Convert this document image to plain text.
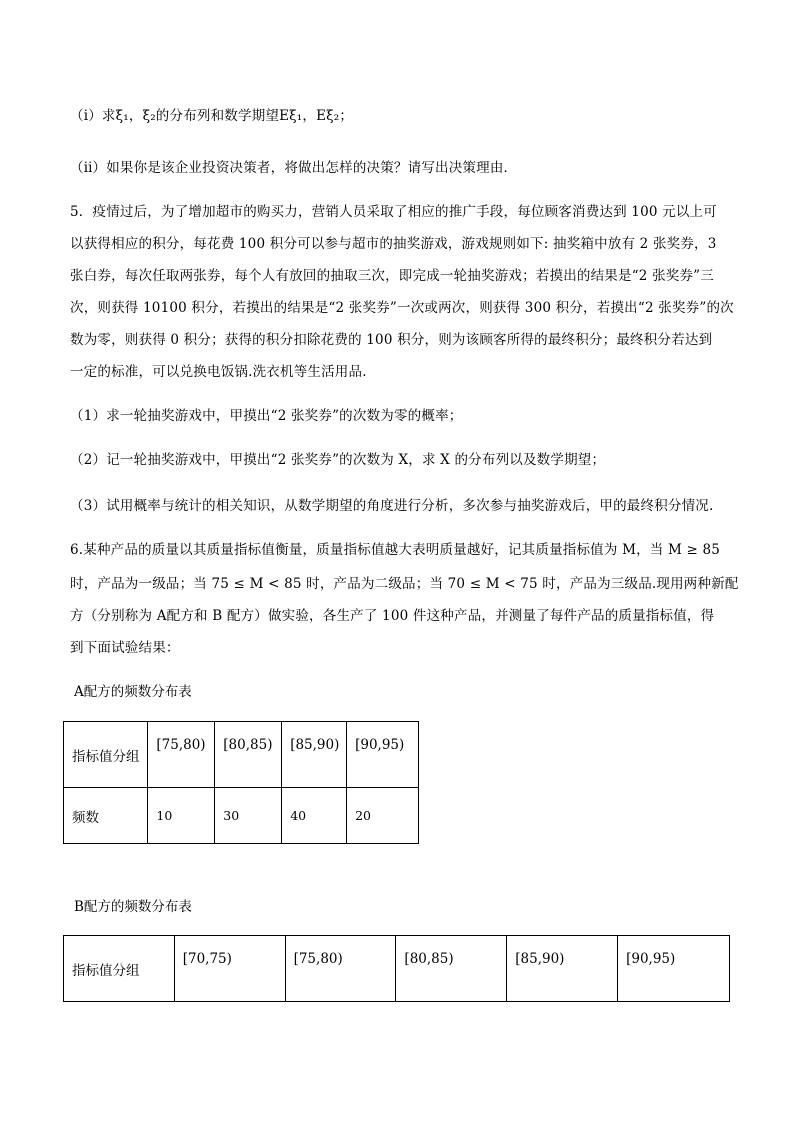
（ⅰ）求ξ₁，ξ₂的分布列和数学期望Eξ₁，Eξ₂；
（ⅱ）如果你是该企业投资决策者，将做出怎样的决策？请写出决策理由．
5．疫情过后，为了增加超市的购买力，营销人员采取了相应的推广手段，每位顾客消费达到 100 元以上可
以获得相应的积分，每花费 100 积分可以参与超市的抽奖游戏，游戏规则如下: 抽奖箱中放有 2 张奖券，3
张白券，每次任取两张券，每个人有放回的抽取三次，即完成一轮抽奖游戏；若摸出的结果是“2 张奖券”三
次，则获得 10100 积分，若摸出的结果是“2 张奖券”一次或两次，则获得 300 积分，若摸出“2 张奖券”的次
数为零，则获得 0 积分；获得的积分扣除花费的 100 积分，则为该顾客所得的最终积分；最终积分若达到
一定的标准，可以兑换电饭锅.洗衣机等生活用品.
（1）求一轮抽奖游戏中，甲摸出“2 张奖券”的次数为零的概率；
（2）记一轮抽奖游戏中，甲摸出“2 张奖券”的次数为 X，求 X 的分布列以及数学期望；
（3）试用概率与统计的相关知识，从数学期望的角度进行分析，多次参与抽奖游戏后，甲的最终积分情况.
6.某种产品的质量以其质量指标值衡量，质量指标值越大表明质量越好，记其质量指标值为 M，当 M ≥ 85
时，产品为一级品；当 75 ≤ M < 85 时，产品为二级品；当 70 ≤ M < 75 时，产品为三级品.现用两种新配
方（分别称为 A配方和 B 配方）做实验，各生产了 100 件这种产品，并测量了每件产品的质量指标值，得
到下面试验结果：
A配方的频数分布表
指标值分组	[75,80)	[80,85)	[85,90)	[90,95)
频数	10	30	40	20
B配方的频数分布表
指标值分组	[70,75)	[75,80)	[80,85)	[85,90)	[90,95)
